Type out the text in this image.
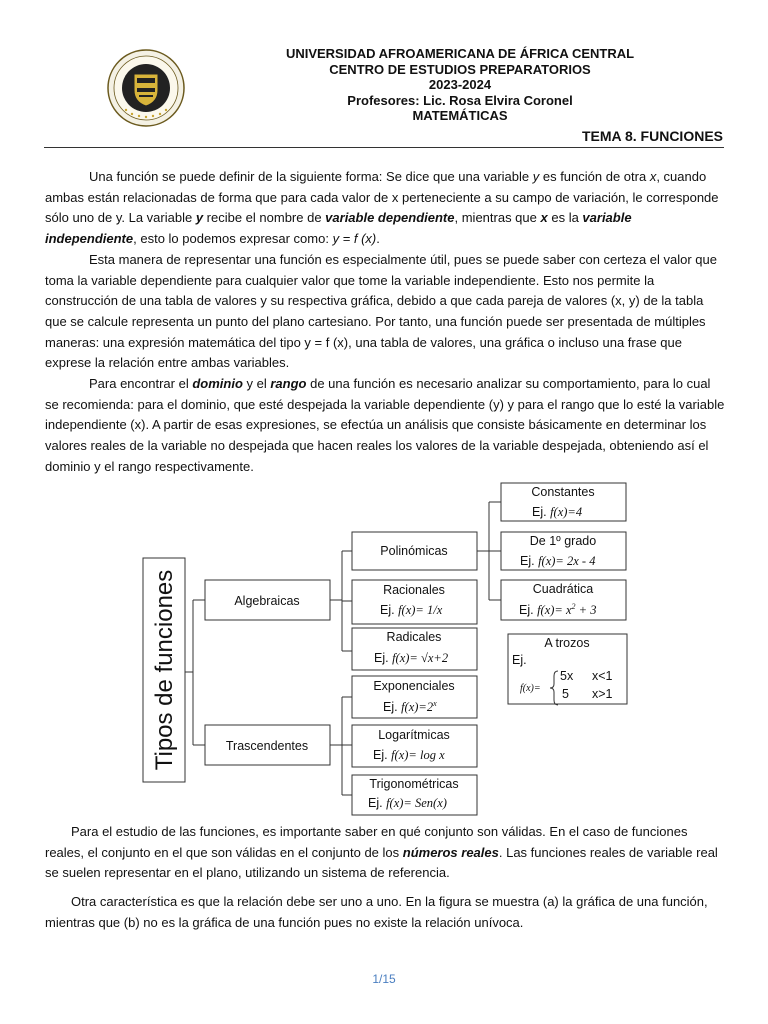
UNIVERSIDAD AFROAMERICANA DE ÁFRICA CENTRAL
CENTRO DE ESTUDIOS PREPARATORIOS
2023-2024
Profesores: Lic. Rosa Elvira Coronel
MATEMÁTICAS
TEMA 8. FUNCIONES

Una función se puede definir de la siguiente forma: Se dice que una variable y es función de otra x, cuando ambas están relacionadas de forma que para cada valor de x perteneciente a su campo de variación, le corresponde sólo uno de y. La variable y recibe el nombre de variable dependiente, mientras que x es la variable independiente, esto lo podemos expresar como: y = f (x).

Esta manera de representar una función es especialmente útil, pues se puede saber con certeza el valor que toma la variable dependiente para cualquier valor que tome la variable independiente. Esto nos permite la construcción de una tabla de valores y su respectiva gráfica, debido a que cada pareja de valores (x, y) de la tabla que se calcule representa un punto del plano cartesiano. Por tanto, una función puede ser presentada de múltiples maneras: una expresión matemática del tipo y = f (x), una tabla de valores, una gráfica o incluso una frase que exprese la relación entre ambas variables.

Para encontrar el dominio y el rango de una función es necesario analizar su comportamiento, para lo cual se recomienda: para el dominio, que esté despejada la variable dependiente (y) y para el rango que lo esté la variable independiente (x). A partir de esas expresiones, se efectúa un análisis que consiste básicamente en determinar los valores reales de la variable no despejada que hacen reales los valores de la variable despejada, obteniendo así el dominio y el rango respectivamente.

Tipos de funciones	Algebraicas
Trascendentes
Polinómicas
Racionales
Radicales
Constantes
De 1º grado
Cuadrática
A trozos
Exponenciales
Logarítmicas
Trigonométricas
Ej. f(x)=4
Ej. f(x)= 2x - 4
Ej. $f(x)= x^2 + 3$
Ej. f(x)= 1/x
Ej. f(x)= √x+2
Ej. $f(x)=2^x$
Ej. f(x)= log x
Ej. f(x)= Sen(x)
Ej.
f(x)=
5x x<1
5 x>1

Para el estudio de las funciones, es importante saber en qué conjunto son válidas. En el caso de funciones reales, el conjunto en el que son válidas en el conjunto de los números reales. Las funciones reales de variable real se suelen representar en el plano, utilizando un sistema de referencia.

Otra característica es que la relación debe ser uno a uno. En la figura se muestra (a) la gráfica de una función, mientras que (b) no es la gráfica de una función pues no existe la relación unívoca.

1/15
